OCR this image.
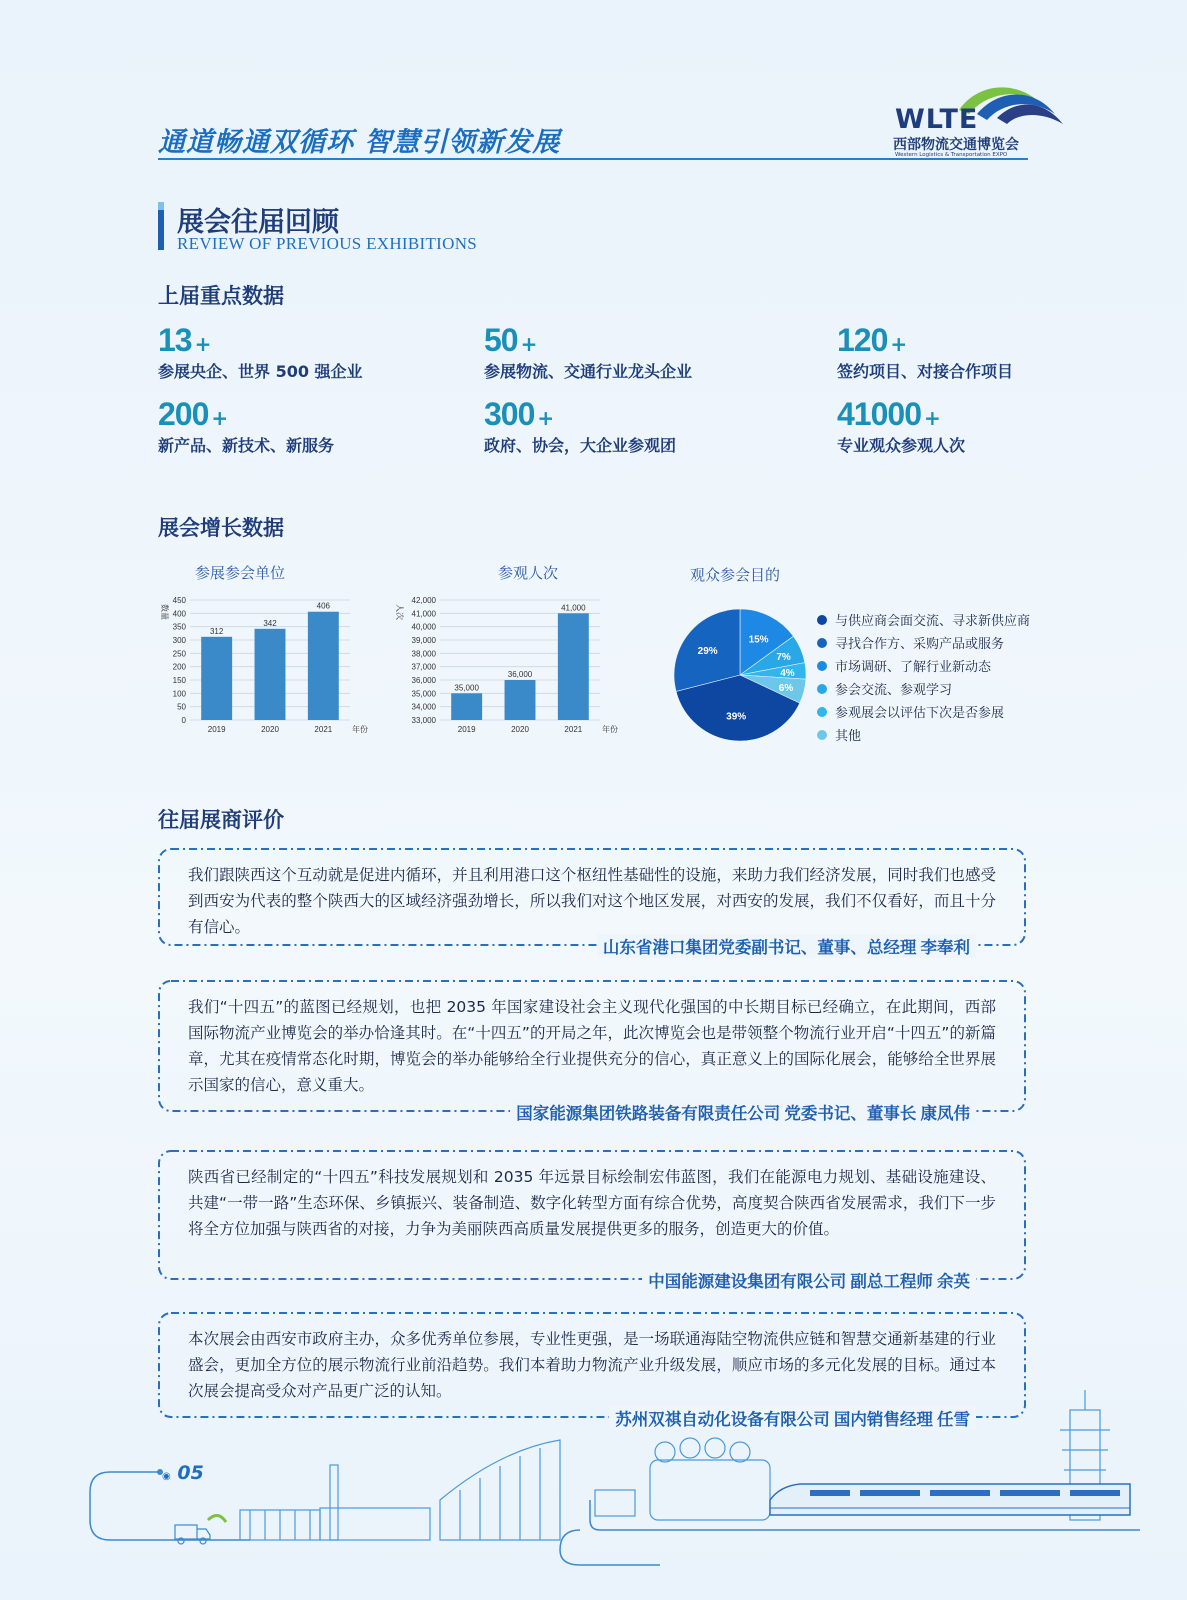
通道畅通双循环 智慧引领新发展
WLTE
西部物流交通博览会
Western Logistics & Transportation EXPO
展会往届回顾
REVIEW OF PREVIOUS EXHIBITIONS
上届重点数据
13 +
参展央企、世界 500 强企业
50 +
参展物流、交通行业龙头企业
120 +
签约项目、对接合作项目
200 +
新产品、新技术、新服务
300 +
政府、协会，大企业参观团
41000 +
专业观众参观人次
展会增长数据
参展参会单位
0
50
100
150
200
250
300
350
400
450
数量
312
2019
342
2020
406
2021 年份
参观人次
33,000
34,000
35,000
36,000
37,000
38,000
39,000
40,000
41,000
42,000
人次
35,000
2019
36,000
2020
41,000
2021 年份
观众参会目的
15%
7%
4%
6%
39%
29%
与供应商会面交流、寻求新供应商
寻找合作方、采购产品或服务
市场调研、了解行业新动态
参会交流、参观学习
参观展会以评估下次是否参展
其他
往届展商评价
我们跟陕西这个互动就是促进内循环，并且利用港口这个枢纽性基础性的设施，来助力我们经济发展，同时我们也感受到西安为代表的整个陕西大的区域经济强劲增长，所以我们对这个地区发展，对西安的发展，我们不仅看好，而且十分有信心。
山东省港口集团党委副书记、董事、总经理 李奉利
我们“十四五”的蓝图已经规划，也把 2035 年国家建设社会主义现代化强国的中长期目标已经确立，在此期间，西部国际物流产业博览会的举办恰逢其时。在“十四五”的开局之年，此次博览会也是带领整个物流行业开启“十四五”的新篇章，尤其在疫情常态化时期，博览会的举办能够给全行业提供充分的信心，真正意义上的国际化展会，能够给全世界展示国家的信心，意义重大。
国家能源集团铁路装备有限责任公司 党委书记、董事长 康凤伟
陕西省已经制定的“十四五”科技发展规划和 2035 年远景目标绘制宏伟蓝图，我们在能源电力规划、基础设施建设、共建“一带一路”生态环保、乡镇振兴、装备制造、数字化转型方面有综合优势，高度契合陕西省发展需求，我们下一步将全方位加强与陕西省的对接，力争为美丽陕西高质量发展提供更多的服务，创造更大的价值。
中国能源建设集团有限公司 副总工程师 余英
本次展会由西安市政府主办，众多优秀单位参展，专业性更强，是一场联通海陆空物流供应链和智慧交通新基建的行业盛会，更加全方位的展示物流行业前沿趋势。我们本着助力物流产业升级发展，顺应市场的多元化发展的目标。通过本次展会提高受众对产品更广泛的认知。
苏州双祺自动化设备有限公司 国内销售经理 任雪
◉ 05
